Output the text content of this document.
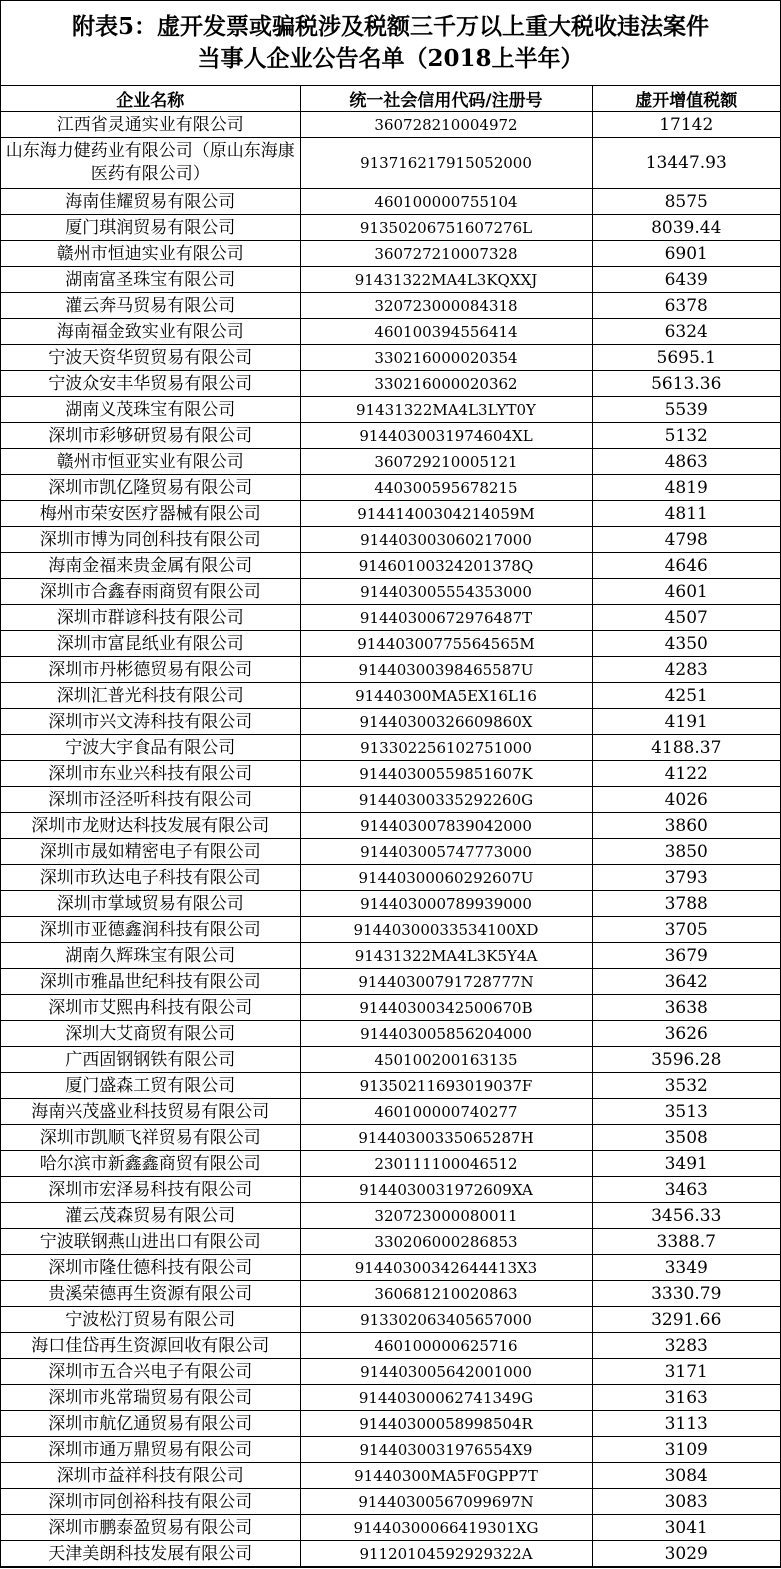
附表5：虚开发票或骗税涉及税额三千万以上重大税收违法案件
当事人企业公告名单（2018上半年）
企业名称	统一社会信用代码/注册号	虚开增值税额
江西省灵通实业有限公司	360728210004972	17142
山东海力健药业有限公司（原山东海康医药有限公司）	913716217915052000	13447.93
海南佳耀贸易有限公司	460100000755104	8575
厦门琪润贸易有限公司	91350206751607276L	8039.44
赣州市恒迪实业有限公司	360727210007328	6901
湖南富圣珠宝有限公司	91431322MA4L3KQXXJ	6439
灌云奔马贸易有限公司	320723000084318	6378
海南福金致实业有限公司	460100394556414	6324
宁波天资华贸贸易有限公司	330216000020354	5695.1
宁波众安丰华贸易有限公司	330216000020362	5613.36
湖南义茂珠宝有限公司	91431322MA4L3LYT0Y	5539
深圳市彩够研贸易有限公司	91440300319746​04XL	5132
赣州市恒亚实业有限公司	360729210005121	4863
深圳市凯亿隆贸易有限公司	440300595678215	4819
梅州市荣安医疗器械有限公司	91441400304214059M	4811
深圳市博为同创科技有限公司	914403003060217000	4798
海南金福来贵金属有限公司	91460100324201378Q	4646
深圳市合鑫春雨商贸有限公司	914403005554353000	4601
深圳市群谚科技有限公司	91440300672976487T	4507
深圳市富昆纸业有限公司	91440300775564565M	4350
深圳市丹彬德贸易有限公司	91440300398465587U	4283
深圳汇普光科技有限公司	91440300MA5EX16L16	4251
深圳市兴文涛科技有限公司	91440300326609860X	4191
宁波大宇食品有限公司	913302256102751000	4188.37
深圳市东业兴科技有限公司	91440300559851607K	4122
深圳市泾泾听科技有限公司	91440300335292260G	4026
深圳市龙财达科技发展有限公司	914403007839042000	3860
深圳市晟如精密电子有限公司	914403005747773000	3850
深圳市玖达电子科技有限公司	91440300060292607U	3793
深圳市掌域贸易有限公司	914403000789939000	3788
深圳市亚德鑫润科技有限公司	91440300033534100XD	3705
湖南久辉珠宝有限公司	91431322MA4L3K5Y4A	3679
深圳市雅晶世纪科技有限公司	91440300791728777N	3642
深圳市艾熙冉科技有限公司	91440300342500670B	3638
深圳大艾商贸有限公司	914403005856204000	3626
广西固钢钢铁有限公司	450100200163135	3596.28
厦门盛森工贸有限公司	91350211693019037F	3532
海南兴茂盛业科技贸易有限公司	460100000740277	3513
深圳市凯顺飞祥贸易有限公司	91440300335065287H	3508
哈尔滨市新鑫鑫商贸有限公司	230111100046512	3491
深圳市宏泽易科技有限公司	91440300319726​09XA	3463
灌云茂森贸易有限公司	320723000080011	3456.33
宁波联钢燕山进出口有限公司	330206000286853	3388.7
深圳市隆仕德科技有限公司	91440300342644413X3	3349
贵溪荣德再生资源有限公司	360681210020863	3330.79
宁波松汀贸易有限公司	913302063405657000	3291.66
海口佳岱再生资源回收有限公司	460100000625716	3283
深圳市五合兴电子有限公司	914403005642001000	3171
深圳市兆常瑞贸易有限公司	91440300062741349G	3163
深圳市航亿通贸易有限公司	91440300058998504R	3113
深圳市通万鼎贸易有限公司	91440300319765​54X9	3109
深圳市益祥科技有限公司	91440300MA5F0GPP7T	3084
深圳市同创裕科技有限公司	91440300567099697N	3083
深圳市鹏泰盈贸易有限公司	91440300066419301XG	3041
天津美朗科技发展有限公司	91120104592929322A	3029
